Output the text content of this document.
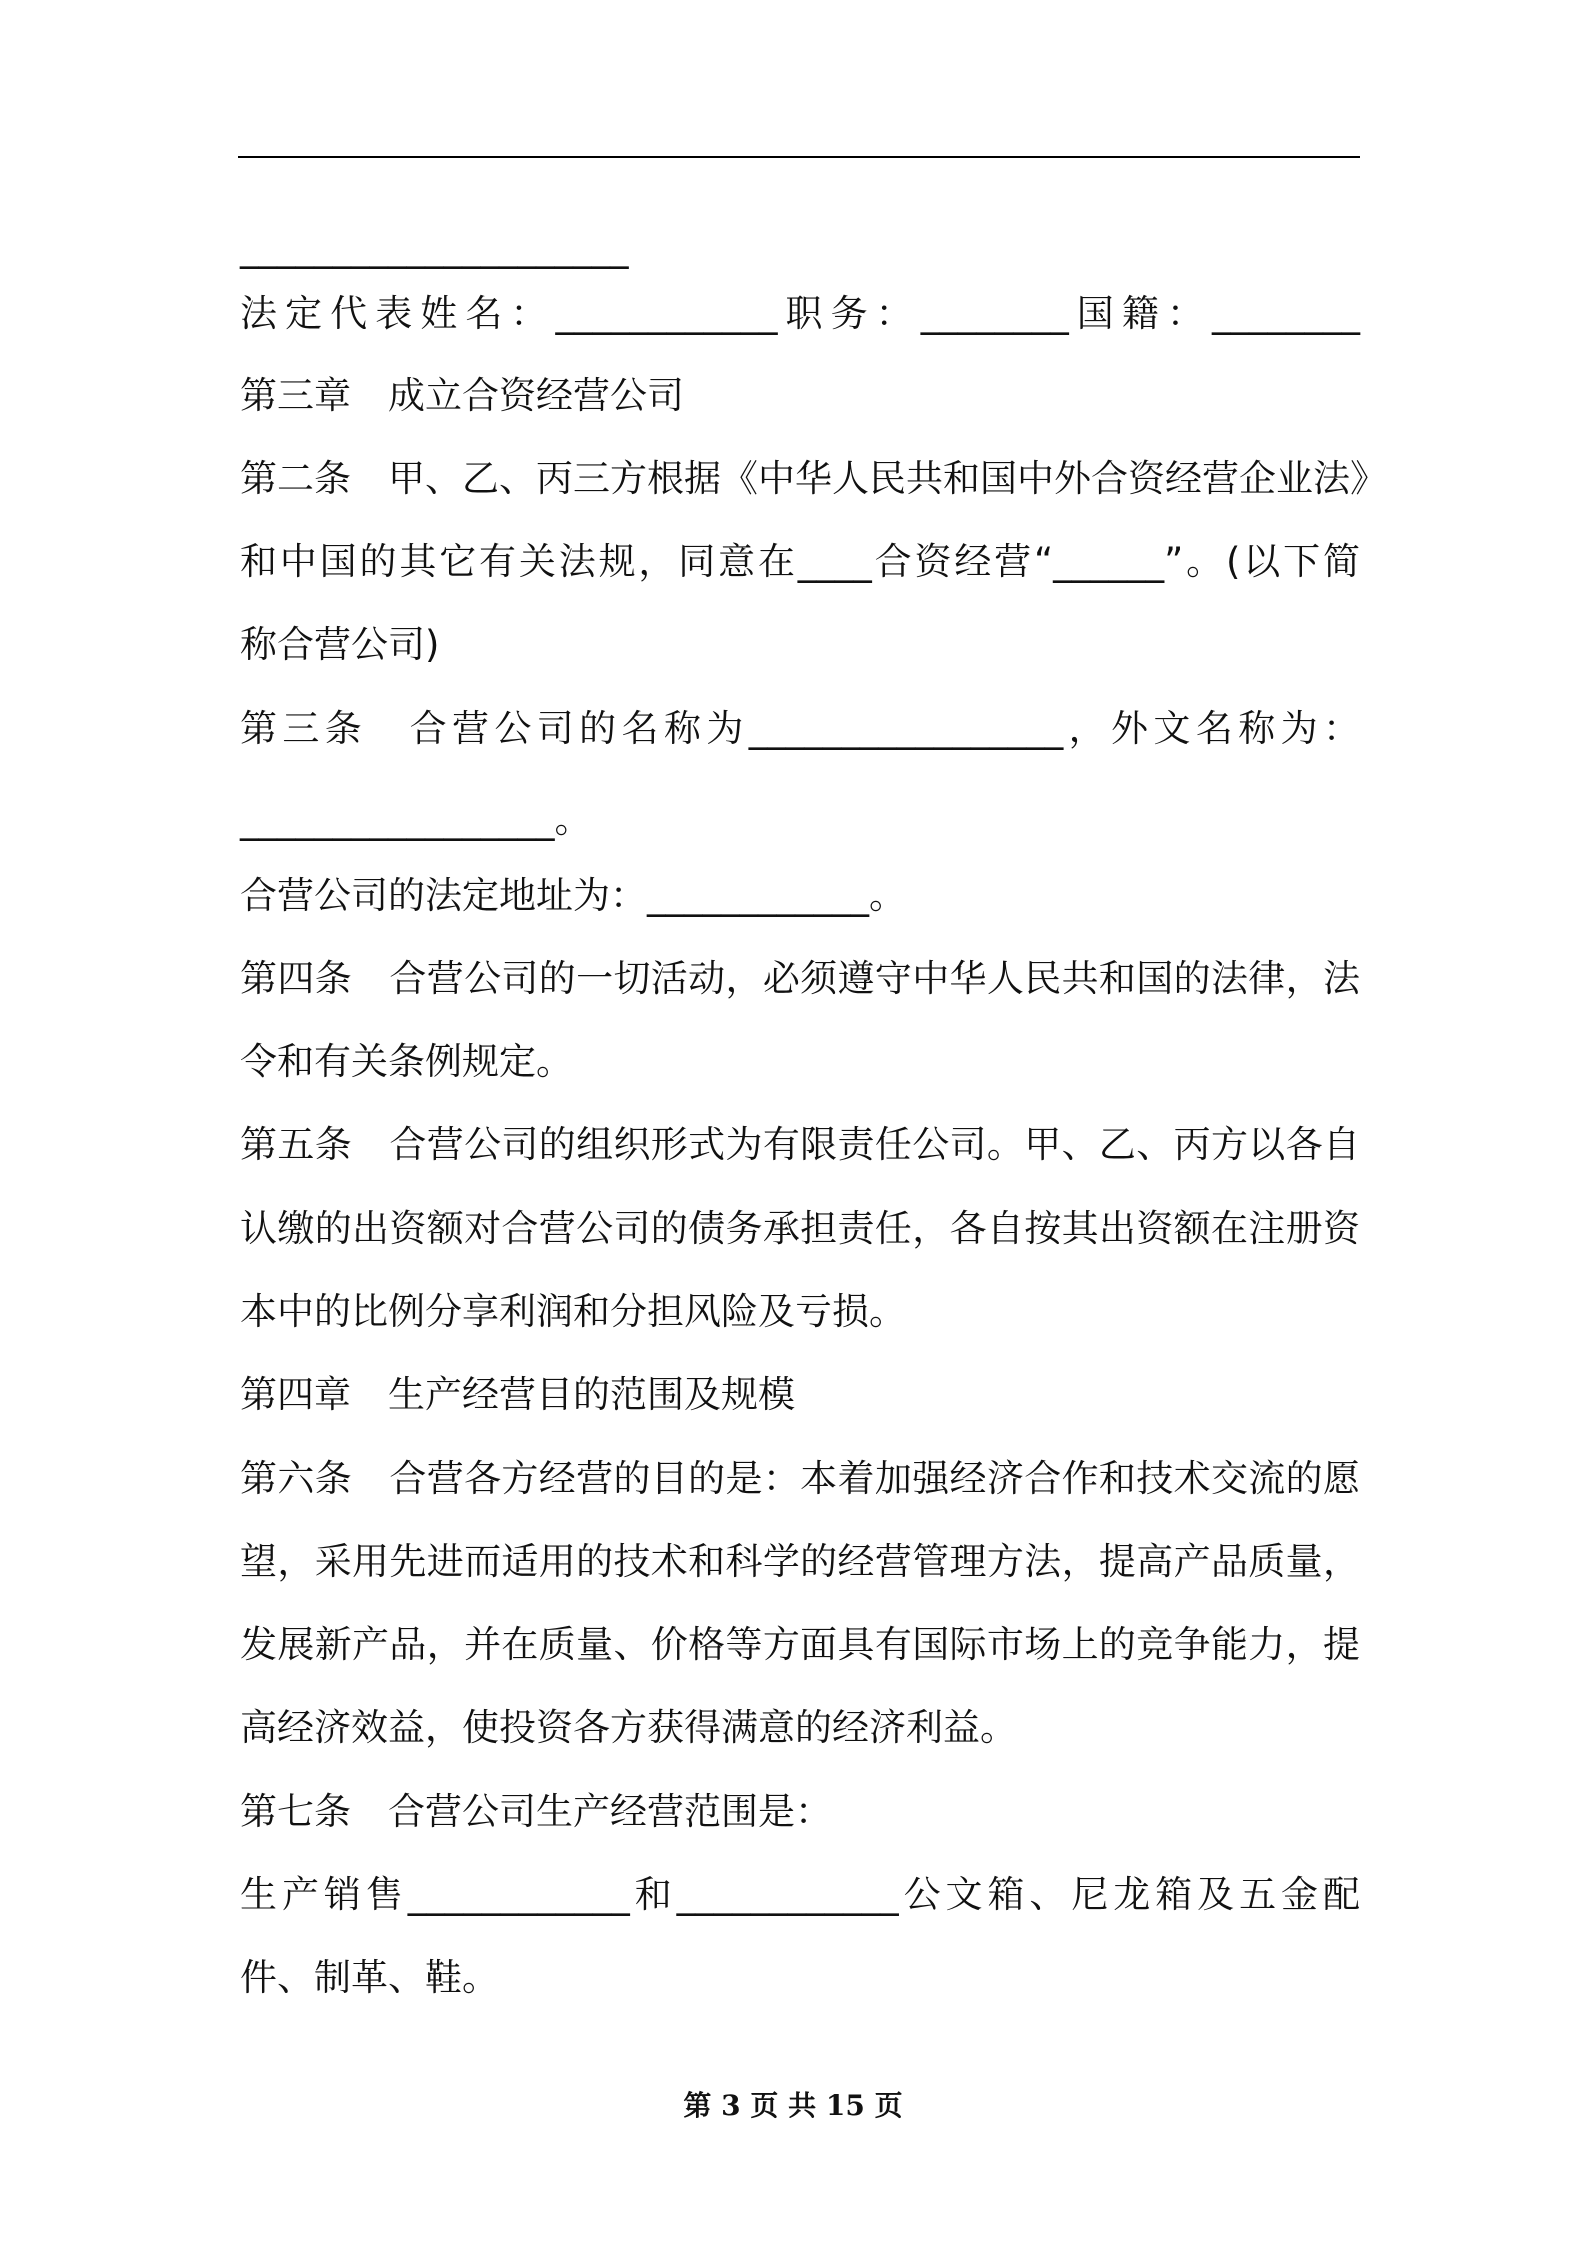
_____________________
法定代表姓名：____________职务：________国籍：________
第三章　成立合资经营公司
第二条　甲、乙、丙三方根据《中华人民共和国中外合资经营企业法》
和中国的其它有关法规，同意在____合资经营“______”。(以下简
称合营公司)
第三条　合营公司的名称为_________________，外文名称为：
_________________。
合营公司的法定地址为：____________。
第四条　合营公司的一切活动，必须遵守中华人民共和国的法律，法
令和有关条例规定。
第五条　合营公司的组织形式为有限责任公司。甲、乙、丙方以各自
认缴的出资额对合营公司的债务承担责任，各自按其出资额在注册资
本中的比例分享利润和分担风险及亏损。
第四章　生产经营目的范围及规模
第六条　合营各方经营的目的是：本着加强经济合作和技术交流的愿
望，采用先进而适用的技术和科学的经营管理方法，提高产品质量，
发展新产品，并在质量、价格等方面具有国际市场上的竞争能力，提
高经济效益，使投资各方获得满意的经济利益。
第七条　合营公司生产经营范围是：
生产销售____________和____________公文箱、尼龙箱及五金配
件、制革、鞋。
第 3 页 共 15 页
